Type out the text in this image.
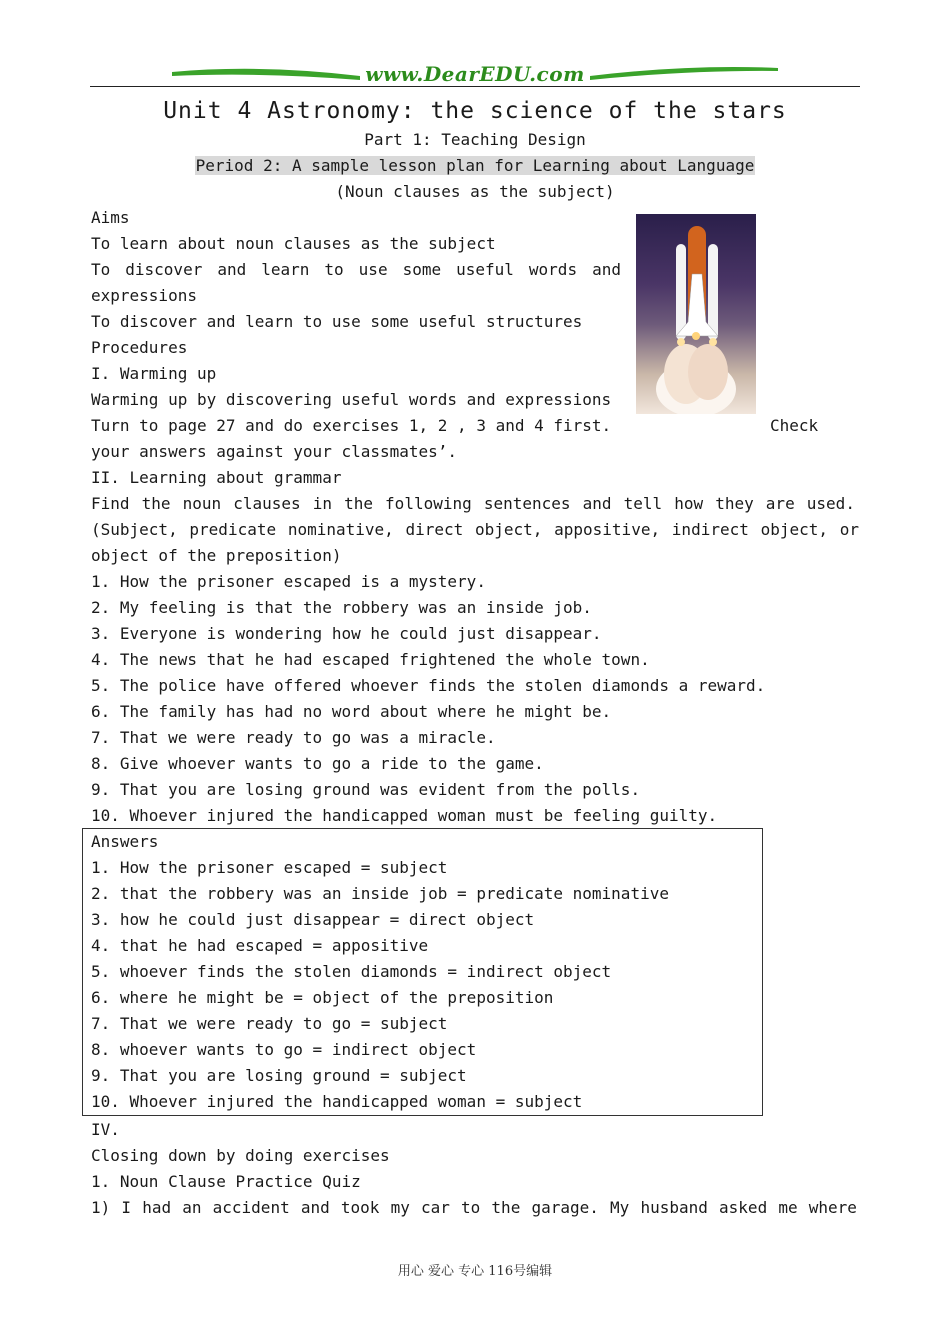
www.DearEDU.com
Unit 4 Astronomy: the science of the stars
Part 1: Teaching Design
Period 2: A sample lesson plan for Learning about Language
(Noun clauses as the subject)
Aims
To learn about noun clauses as the subject
To discover and learn to use some useful words and
expressions
To discover and learn to use some useful structures
Procedures
I. Warming up
Warming up by discovering useful words and expressions
Turn to page 27 and do exercises 1, 2 , 3 and 4 first.	Check
your answers against your classmates’.
II. Learning about grammar
Find the noun clauses in the following sentences and tell how they are used.
(Subject, predicate nominative, direct object, appositive, indirect object, or
object of the preposition)
1. How the prisoner escaped is a mystery.
2. My feeling is that the robbery was an inside job.
3. Everyone is wondering how he could just disappear.
4. The news that he had escaped frightened the whole town.
5. The police have offered whoever finds the stolen diamonds a reward.
6. The family has had no word about where he might be.
7. That we were ready to go was a miracle.
8. Give whoever wants to go a ride to the game.
9. That you are losing ground was evident from the polls.
10. Whoever injured the handicapped woman must be feeling guilty.
Answers
1. How the prisoner escaped = subject
2. that the robbery was an inside job = predicate nominative
3. how he could just disappear = direct object
4. that he had escaped = appositive
5. whoever finds the stolen diamonds = indirect object
6. where he might be = object of the preposition
7. That we were ready to go = subject
8. whoever wants to go = indirect object
9. That you are losing ground = subject
10. Whoever injured the handicapped woman = subject
IV.
Closing down by doing exercises
1. Noun Clause Practice Quiz
1) I had an accident and took my car to the garage. My husband asked me where
用心 爱心 专心 116号编辑
